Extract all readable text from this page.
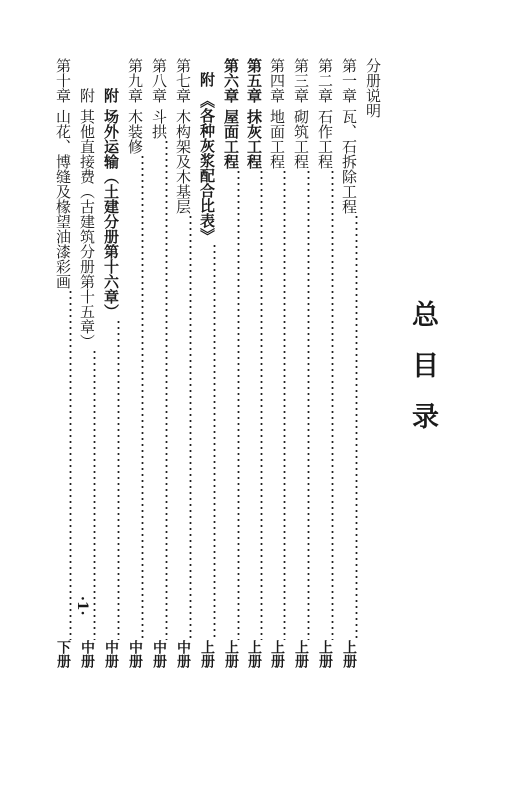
总目录
分册说明
第一章
瓦、石拆除工程
上册
第二章
石作工程
上册
第三章
砌筑工程
上册
第四章
地面工程
上册
第五章
抹灰工程
上册
第六章
屋面工程
上册
附
《各种灰浆配合比表》
上册
第七章
木构架及木基层
中册
第八章
斗拱
中册
第九章
木装修
中册
附
场外运输（土建分册第十六章）
中册
附
其他直接费（古建筑分册第十五章）
中册
第十章
山花、博缝及椽望油漆彩画
下册
·1·
